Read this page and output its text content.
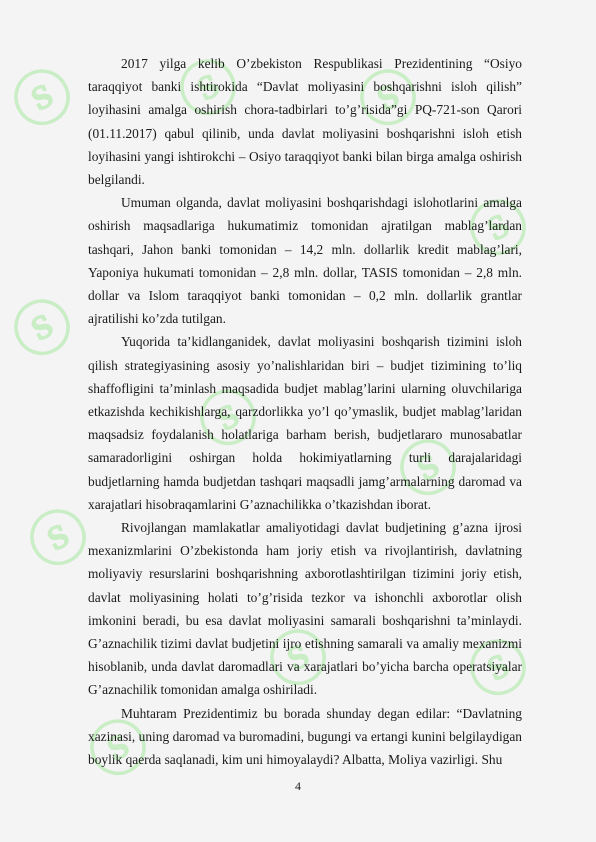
ⓢ ⓢ ⓢ
ⓢ
ⓢ
ⓢ
ⓢ
ⓢ
ⓢ ⓢ
ⓢ

2017 yilga kelib O’zbekiston Respublikasi Prezidentining “Osiyo taraqqiyot banki ishtirokida “Davlat moliyasini boshqarishni isloh qilish” loyihasini amalga oshirish chora-tadbirlari to’g’risida”gi PQ-721-son Qarori (01.11.2017) qabul qilinib, unda davlat moliyasini boshqarishni isloh etish loyihasini yangi ishtirokchi – Osiyo taraqqiyot banki bilan birga amalga oshirish belgilandi.

Umuman olganda, davlat moliyasini boshqarishdagi islohotlarini amalga oshirish maqsadlariga hukumatimiz tomonidan ajratilgan mablag’lardan tashqari, Jahon banki tomonidan – 14,2 mln. dollarlik kredit mablag’lari, Yaponiya hukumati tomonidan – 2,8 mln. dollar, TASIS tomonidan – 2,8 mln. dollar va Islom taraqqiyot banki tomonidan – 0,2 mln. dollarlik grantlar ajratilishi ko’zda tutilgan.

Yuqorida ta’kidlanganidek, davlat moliyasini boshqarish tizimini isloh qilish strategiyasining asosiy yo’nalishlaridan biri – budjet tizimining to’liq shaffofligini ta’minlash maqsadida budjet mablag’larini ularning oluvchilariga etkazishda kechikishlarga, qarzdorlikka yo’l qo’ymaslik, budjet mablag’laridan maqsadsiz foydalanish holatlariga barham berish, budjetlararo munosabatlar samaradorligini oshirgan holda hokimiyatlarning turli darajalaridagi budjetlarning hamda budjetdan tashqari maqsadli jamg’armalarning daromad va xarajatlari hisobraqamlarini G’aznachilikka o’tkazishdan iborat.

Rivojlangan mamlakatlar amaliyotidagi davlat budjetining g’azna ijrosi mexanizmlarini O’zbekistonda ham joriy etish va rivojlantirish, davlatning moliyaviy resurslarini boshqarishning axborotlashtirilgan tizimini joriy etish, davlat moliyasining holati to’g’risida tezkor va ishonchli axborotlar olish imkonini beradi, bu esa davlat moliyasini samarali boshqarishni ta’minlaydi. G’aznachilik tizimi davlat budjetini ijro etishning samarali va amaliy mexanizmi hisoblanib, unda davlat daromadlari va xarajatlari bo’yicha barcha operatsiyalar G’aznachilik tomonidan amalga oshiriladi.

Muhtaram Prezidentimiz bu borada shunday degan edilar: “Davlatning xazinasi, uning daromad va buromadini, bugungi va ertangi kunini belgilaydigan boylik qaerda saqlanadi, kim uni himoyalaydi? Albatta, Moliya vazirligi. Shu

4
